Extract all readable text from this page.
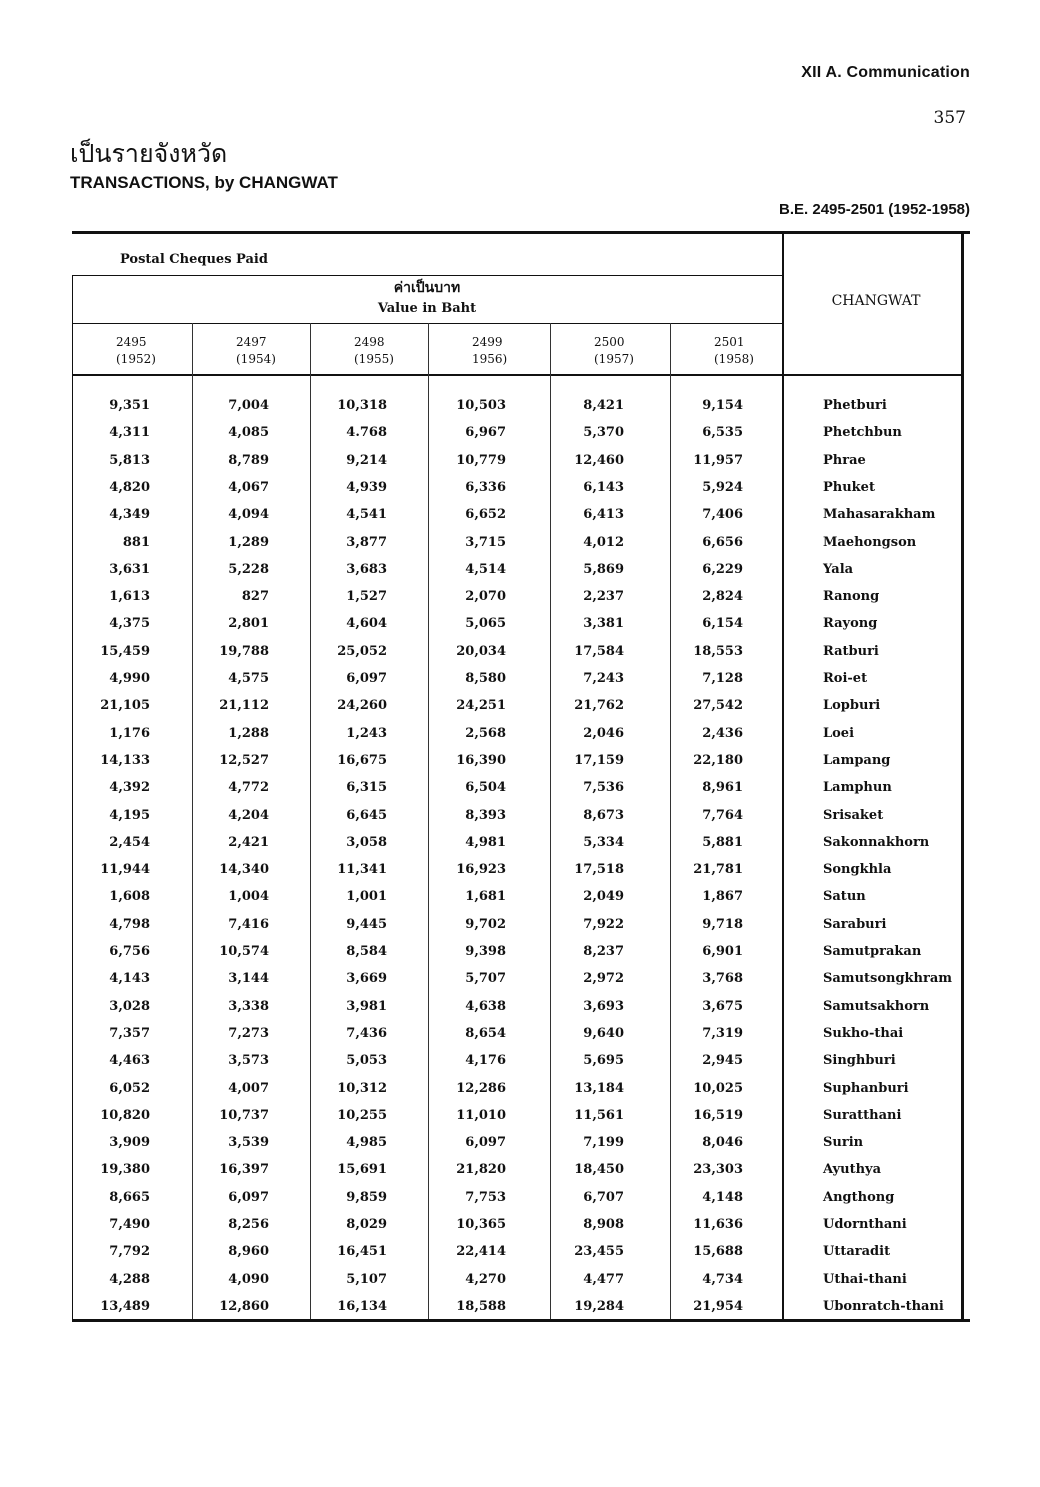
XII A. Communication
357
เป็นรายจังหวัด
TRANSACTIONS, by CHANGWAT
B.E. 2495-2501 (1952-1958)
Postal Cheques Paid
ค่าเป็นบาท
Value in Baht	CHANGWAT
2495
(1952)
2497
(1954)
2498
(1955)
2499
1956)
2500
(1957)
2501
(1958)
9,351	7,004	10,318	10,503	8,421	9,154	Phetburi
4,311	4,085	4.768	6,967	5,370	6,535	Phetchbun
5,813	8,789	9,214	10,779	12,460	11,957	Phrae
4,820	4,067	4,939	6,336	6,143	5,924	Phuket
4,349	4,094	4,541	6,652	6,413	7,406	Mahasarakham
881	1,289	3,877	3,715	4,012	6,656	Maehongson
3,631	5,228	3,683	4,514	5,869	6,229	Yala
1,613	827	1,527	2,070	2,237	2,824	Ranong
4,375	2,801	4,604	5,065	3,381	6,154	Rayong
15,459	19,788	25,052	20,034	17,584	18,553	Ratburi
4,990	4,575	6,097	8,580	7,243	7,128	Roi-et
21,105	21,112	24,260	24,251	21,762	27,542	Lopburi
1,176	1,288	1,243	2,568	2,046	2,436	Loei
14,133	12,527	16,675	16,390	17,159	22,180	Lampang
4,392	4,772	6,315	6,504	7,536	8,961	Lamphun
4,195	4,204	6,645	8,393	8,673	7,764	Srisaket
2,454	2,421	3,058	4,981	5,334	5,881	Sakonnakhorn
11,944	14,340	11,341	16,923	17,518	21,781	Songkhla
1,608	1,004	1,001	1,681	2,049	1,867	Satun
4,798	7,416	9,445	9,702	7,922	9,718	Saraburi
6,756	10,574	8,584	9,398	8,237	6,901	Samutprakan
4,143	3,144	3,669	5,707	2,972	3,768	Samutsongkhram
3,028	3,338	3,981	4,638	3,693	3,675	Samutsakhorn
7,357	7,273	7,436	8,654	9,640	7,319	Sukho-thai
4,463	3,573	5,053	4,176	5,695	2,945	Singhburi
6,052	4,007	10,312	12,286	13,184	10,025	Suphanburi
10,820	10,737	10,255	11,010	11,561	16,519	Suratthani
3,909	3,539	4,985	6,097	7,199	8,046	Surin
19,380	16,397	15,691	21,820	18,450	23,303	Ayuthya
8,665	6,097	9,859	7,753	6,707	4,148	Angthong
7,490	8,256	8,029	10,365	8,908	11,636	Udornthani
7,792	8,960	16,451	22,414	23,455	15,688	Uttaradit
4,288	4,090	5,107	4,270	4,477	4,734	Uthai-thani
13,489	12,860	16,134	18,588	19,284	21,954	Ubonratch-thani
